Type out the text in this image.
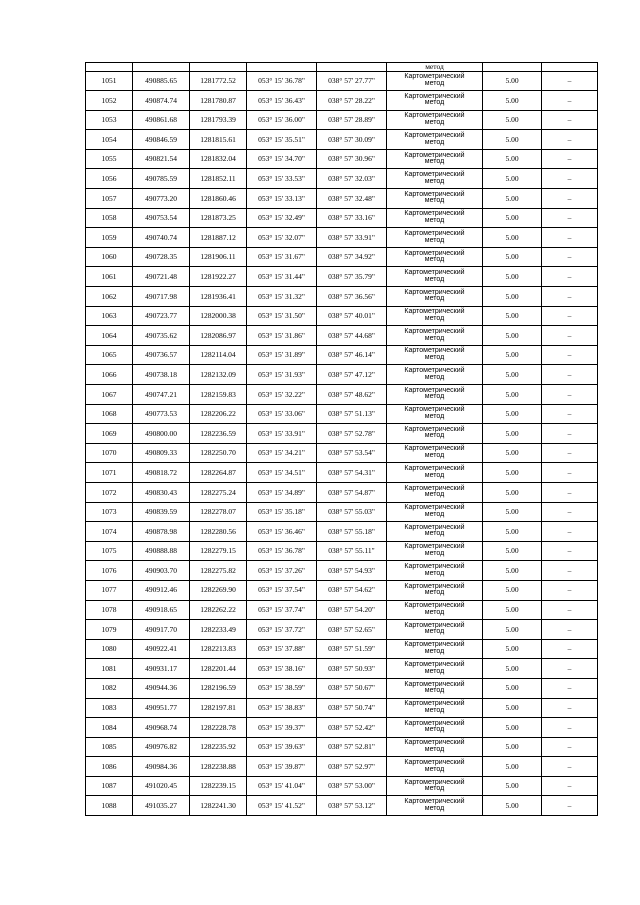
					метод		
1051	490885.65	1281772.52	053° 15' 36.78"	038° 57' 27.77"	Картометрический
метод	5.00	–
1052	490874.74	1281780.87	053° 15' 36.43"	038° 57' 28.22"	Картометрический
метод	5.00	–
1053	490861.68	1281793.39	053° 15' 36.00"	038° 57' 28.89"	Картометрический
метод	5.00	–
1054	490846.59	1281815.61	053° 15' 35.51"	038° 57' 30.09"	Картометрический
метод	5.00	–
1055	490821.54	1281832.04	053° 15' 34.70"	038° 57' 30.96"	Картометрический
метод	5.00	–
1056	490785.59	1281852.11	053° 15' 33.53"	038° 57' 32.03"	Картометрический
метод	5.00	–
1057	490773.20	1281860.46	053° 15' 33.13"	038° 57' 32.48"	Картометрический
метод	5.00	–
1058	490753.54	1281873.25	053° 15' 32.49"	038° 57' 33.16"	Картометрический
метод	5.00	–
1059	490740.74	1281887.12	053° 15' 32.07"	038° 57' 33.91"	Картометрический
метод	5.00	–
1060	490728.35	1281906.11	053° 15' 31.67"	038° 57' 34.92"	Картометрический
метод	5.00	–
1061	490721.48	1281922.27	053° 15' 31.44"	038° 57' 35.79"	Картометрический
метод	5.00	–
1062	490717.98	1281936.41	053° 15' 31.32"	038° 57' 36.56"	Картометрический
метод	5.00	–
1063	490723.77	1282000.38	053° 15' 31.50"	038° 57' 40.01"	Картометрический
метод	5.00	–
1064	490735.62	1282086.97	053° 15' 31.86"	038° 57' 44.68"	Картометрический
метод	5.00	–
1065	490736.57	1282114.04	053° 15' 31.89"	038° 57' 46.14"	Картометрический
метод	5.00	–
1066	490738.18	1282132.09	053° 15' 31.93"	038° 57' 47.12"	Картометрический
метод	5.00	–
1067	490747.21	1282159.83	053° 15' 32.22"	038° 57' 48.62"	Картометрический
метод	5.00	–
1068	490773.53	1282206.22	053° 15' 33.06"	038° 57' 51.13"	Картометрический
метод	5.00	–
1069	490800.00	1282236.59	053° 15' 33.91"	038° 57' 52.78"	Картометрический
метод	5.00	–
1070	490809.33	1282250.70	053° 15' 34.21"	038° 57' 53.54"	Картометрический
метод	5.00	–
1071	490818.72	1282264.87	053° 15' 34.51"	038° 57' 54.31"	Картометрический
метод	5.00	–
1072	490830.43	1282275.24	053° 15' 34.89"	038° 57' 54.87"	Картометрический
метод	5.00	–
1073	490839.59	1282278.07	053° 15' 35.18"	038° 57' 55.03"	Картометрический
метод	5.00	–
1074	490878.98	1282280.56	053° 15' 36.46"	038° 57' 55.18"	Картометрический
метод	5.00	–
1075	490888.88	1282279.15	053° 15' 36.78"	038° 57' 55.11"	Картометрический
метод	5.00	–
1076	490903.70	1282275.82	053° 15' 37.26"	038° 57' 54.93"	Картометрический
метод	5.00	–
1077	490912.46	1282269.90	053° 15' 37.54"	038° 57' 54.62"	Картометрический
метод	5.00	–
1078	490918.65	1282262.22	053° 15' 37.74"	038° 57' 54.20"	Картометрический
метод	5.00	–
1079	490917.70	1282233.49	053° 15' 37.72"	038° 57' 52.65"	Картометрический
метод	5.00	–
1080	490922.41	1282213.83	053° 15' 37.88"	038° 57' 51.59"	Картометрический
метод	5.00	–
1081	490931.17	1282201.44	053° 15' 38.16"	038° 57' 50.93"	Картометрический
метод	5.00	–
1082	490944.36	1282196.59	053° 15' 38.59"	038° 57' 50.67"	Картометрический
метод	5.00	–
1083	490951.77	1282197.81	053° 15' 38.83"	038° 57' 50.74"	Картометрический
метод	5.00	–
1084	490968.74	1282228.78	053° 15' 39.37"	038° 57' 52.42"	Картометрический
метод	5.00	–
1085	490976.82	1282235.92	053° 15' 39.63"	038° 57' 52.81"	Картометрический
метод	5.00	–
1086	490984.36	1282238.88	053° 15' 39.87"	038° 57' 52.97"	Картометрический
метод	5.00	–
1087	491020.45	1282239.15	053° 15' 41.04"	038° 57' 53.00"	Картометрический
метод	5.00	–
1088	491035.27	1282241.30	053° 15' 41.52"	038° 57' 53.12"	Картометрический
метод	5.00	–
